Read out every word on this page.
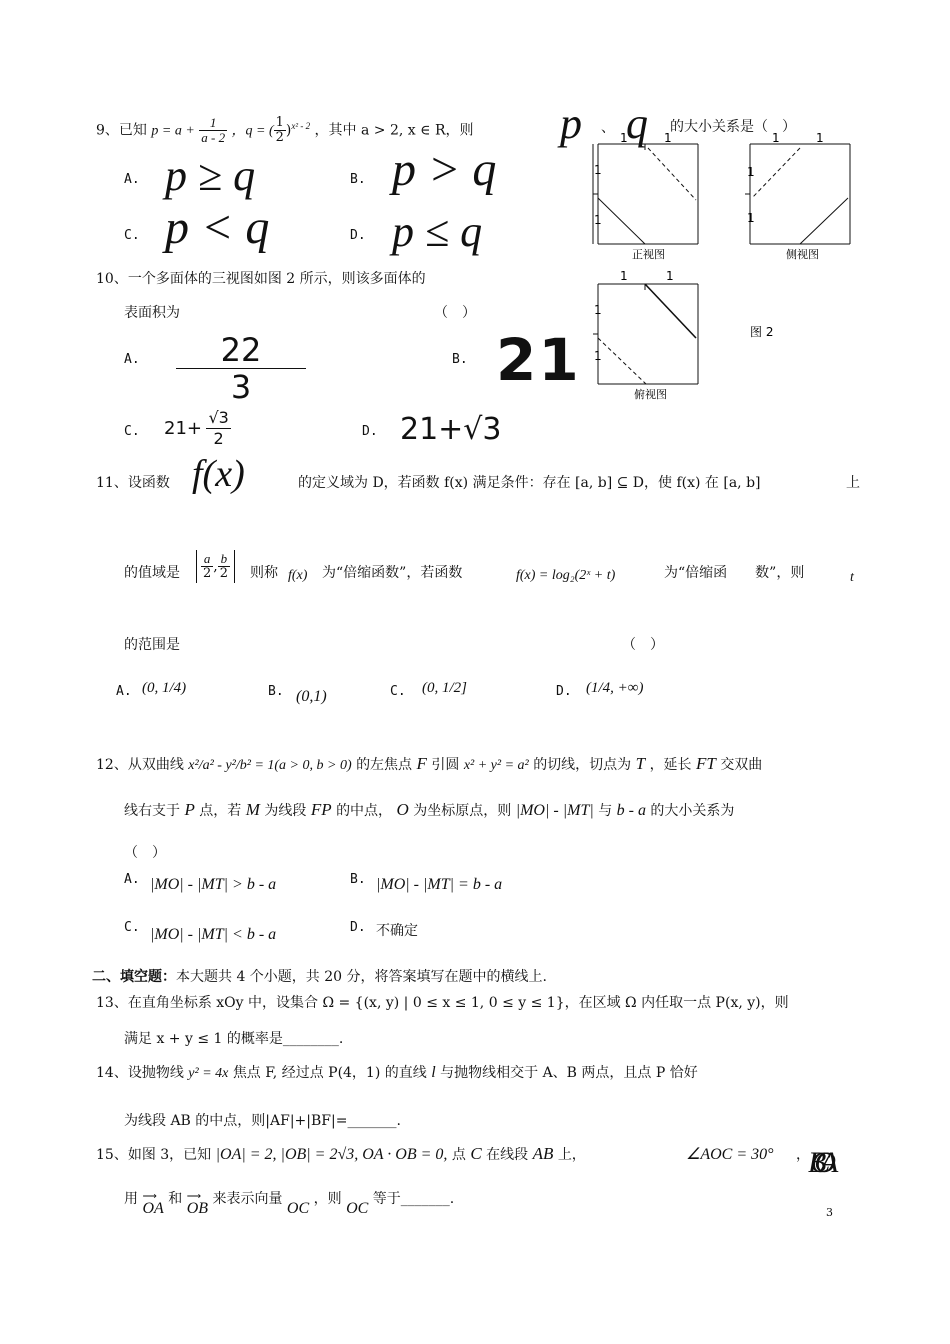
9、已知 $p = a + \frac{1}{a - 2}$ ，q = ( $\frac{1}{2} )^{x^2 - 2}$ ，其中 a > 2, x ∈ R，则 p 、 q 的大小关系是（　）
A. p ≥ q	B. p > q
C. p < q	D. p ≤ q
1	1
1
1
正视图
1	1
1
1
侧视图
1	1
1
1
俯视图
图 2
10、一个多面体的三视图如图 2 所示，则该多面体的
表面积为	（　）
A. $\frac{22}{3}$	B. 21
C. $21+ \frac{√3}{2}$	D. 21+√3
11、设函数 f(x)	的定义域为 D，若函数 f(x) 满足条件：存在 [a, b] ⊆ D，使 f(x) 在 [a, b]	上
的值域是 $\frac{a}{2}$ , $\frac{b}{2}$ 则称 f(x) 为“倍缩函数”，若函数	f(x) = log₂(2ˣ + t)	为“倍缩函　　数”，则	t
的范围是	（　）
A. (0, 1/4)	B. (0,1)	C. (0, 1/2]	D. (1/4, +∞)
12、从双曲线 x²/a² - y²/b² = 1(a > 0, b > 0) 的左焦点 F 引圆 x² + y² = a² 的切线，切点为 T ，延长 FT 交双曲
线右支于 P 点，若 M 为线段 FP 的中点， O 为坐标原点，则 |MO| - |MT| 与 b - a 的大小关系为
（　）
A. |MO| - |MT| > b - a	B. |MO| - |MT| = b - a
C. |MO| - |MT| < b - a	D. 不确定
二、填空题：本大题共 4 个小题，共 20 分，将答案填写在题中的横线上.
13、在直角坐标系 xOy 中，设集合 Ω = {(x, y) | 0 ≤ x ≤ 1, 0 ≤ y ≤ 1}，在区域 Ω 内任取一点 P(x, y)，则
满足 x + y ≤ 1 的概率是________.
14、设抛物线 y² = 4x 焦点 F, 经过点 P(4，1) 的直线 l 与抛物线相交于 A、B 两点，且点 P 恰好
为线段 AB 的中点，则|AF|+|BF|=_______.
15、如图 3，已知 |OA| = 2, |OB| = 2√3, OA · OB = 0, 点 C 在线段 AB 上，	∠AOC = 30° ，
用 ⟶
OA 和 ⟶
OB 来表示向量 OC ，则 OC 等于_______.
BCOA
3
